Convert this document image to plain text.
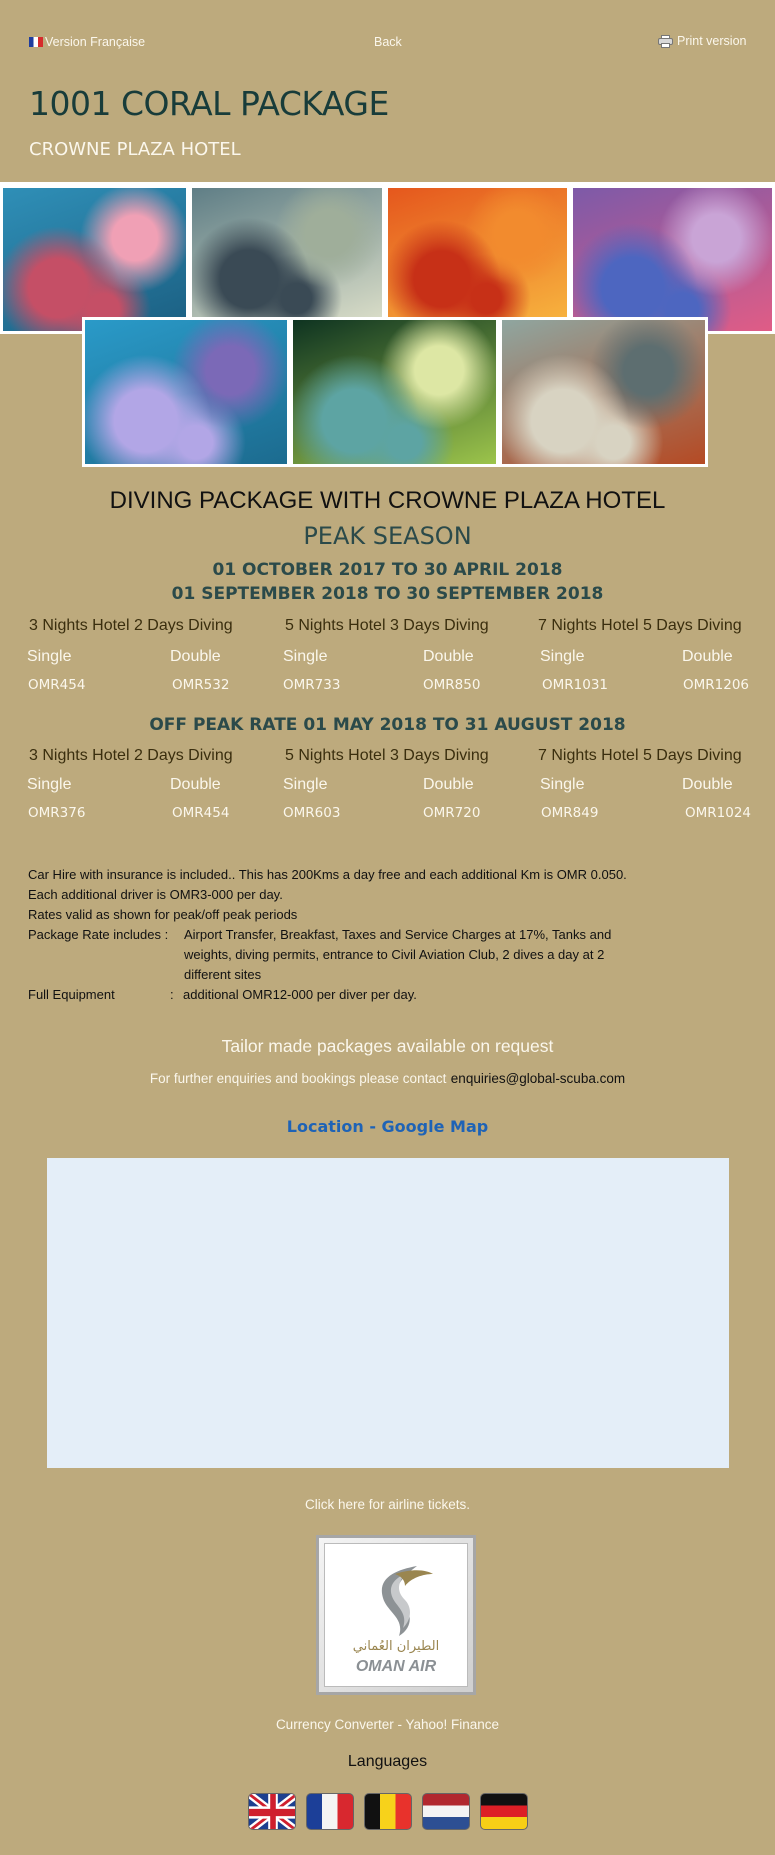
Version Française	Back	Print version
1001 CORAL PACKAGE
CROWNE PLAZA HOTEL
DIVING PACKAGE WITH CROWNE PLAZA HOTEL
PEAK SEASON
01 OCTOBER 2017 TO 30 APRIL 2018
01 SEPTEMBER 2018 TO 30 SEPTEMBER 2018
3 Nights Hotel 2 Days Diving	5 Nights Hotel 3 Days Diving	7 Nights Hotel 5 Days Diving
Single	Double	Single	Double	Single	Double
OMR454	OMR532	OMR733	OMR850	OMR1031	OMR1206
OFF PEAK RATE 01 MAY 2018 TO 31 AUGUST 2018
3 Nights Hotel 2 Days Diving	5 Nights Hotel 3 Days Diving	7 Nights Hotel 5 Days Diving
Single	Double	Single	Double	Single	Double
OMR376	OMR454	OMR603	OMR720	OMR849	OMR1024
Car Hire with insurance is included.. This has 200Kms a day free and each additional Km is OMR 0.050.
Each additional driver is OMR3-000 per day.
Rates valid as shown for peak/off peak periods
Package Rate includes : Airport Transfer, Breakfast, Taxes and Service Charges at 17%, Tanks and
weights, diving permits, entrance to Civil Aviation Club, 2 dives a day at 2
different sites
Full Equipment	: additional OMR12-000 per diver per day.
Tailor made packages available on request
For further enquiries and bookings please contact enquiries@global-scuba.com
Location - Google Map
Click here for airline tickets.
الطيران العُماني
OMAN AIR
Currency Converter - Yahoo! Finance
Languages
